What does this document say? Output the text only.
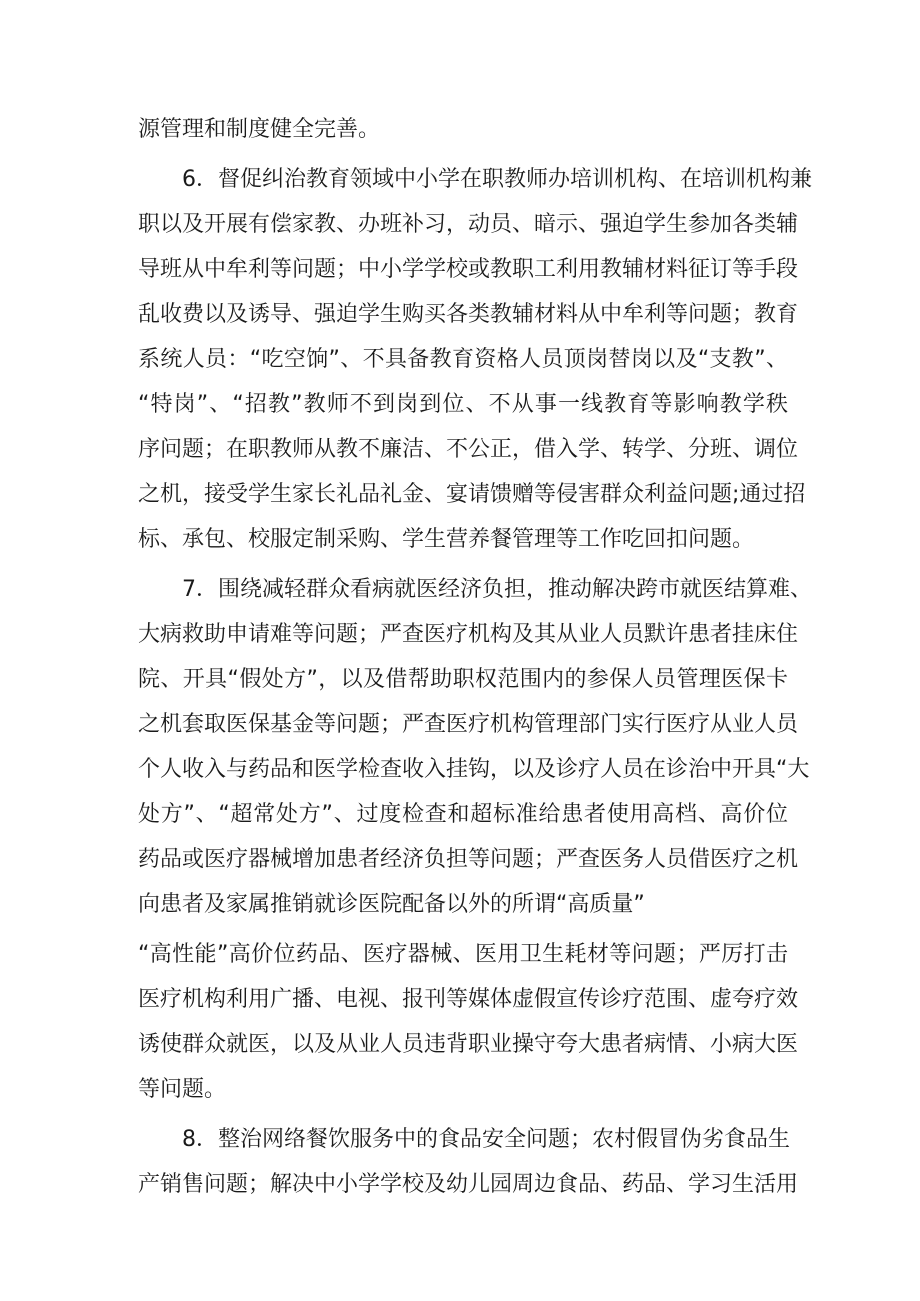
源管理和制度健全完善。
6．督促纠治教育领域中小学在职教师办培训机构、在培训机构兼
职以及开展有偿家教、办班补习，动员、暗示、强迫学生参加各类辅
导班从中牟利等问题；中小学学校或教职工利用教辅材料征订等手段
乱收费以及诱导、强迫学生购买各类教辅材料从中牟利等问题；教育
系统人员：“吃空饷”、不具备教育资格人员顶岗替岗以及“支教”、
“特岗”、“招教”教师不到岗到位、不从事一线教育等影响教学秩
序问题；在职教师从教不廉洁、不公正，借入学、转学、分班、调位
之机，接受学生家长礼品礼金、宴请馈赠等侵害群众利益问题;通过招
标、承包、校服定制采购、学生营养餐管理等工作吃回扣问题。
7．围绕减轻群众看病就医经济负担，推动解决跨市就医结算难、
大病救助申请难等问题；严查医疗机构及其从业人员默许患者挂床住
院、开具“假处方”，以及借帮助职权范围内的参保人员管理医保卡
之机套取医保基金等问题；严查医疗机构管理部门实行医疗从业人员
个人收入与药品和医学检查收入挂钩，以及诊疗人员在诊治中开具“大
处方”、“超常处方”、过度检查和超标准给患者使用高档、高价位
药品或医疗器械增加患者经济负担等问题；严查医务人员借医疗之机
向患者及家属推销就诊医院配备以外的所谓“高质量”
“高性能”高价位药品、医疗器械、医用卫生耗材等问题；严厉打击
医疗机构利用广播、电视、报刊等媒体虚假宣传诊疗范围、虚夸疗效
诱使群众就医，以及从业人员违背职业操守夸大患者病情、小病大医
等问题。
8．整治网络餐饮服务中的食品安全问题；农村假冒伪劣食品生
产销售问题；解决中小学学校及幼儿园周边食品、药品、学习生活用
